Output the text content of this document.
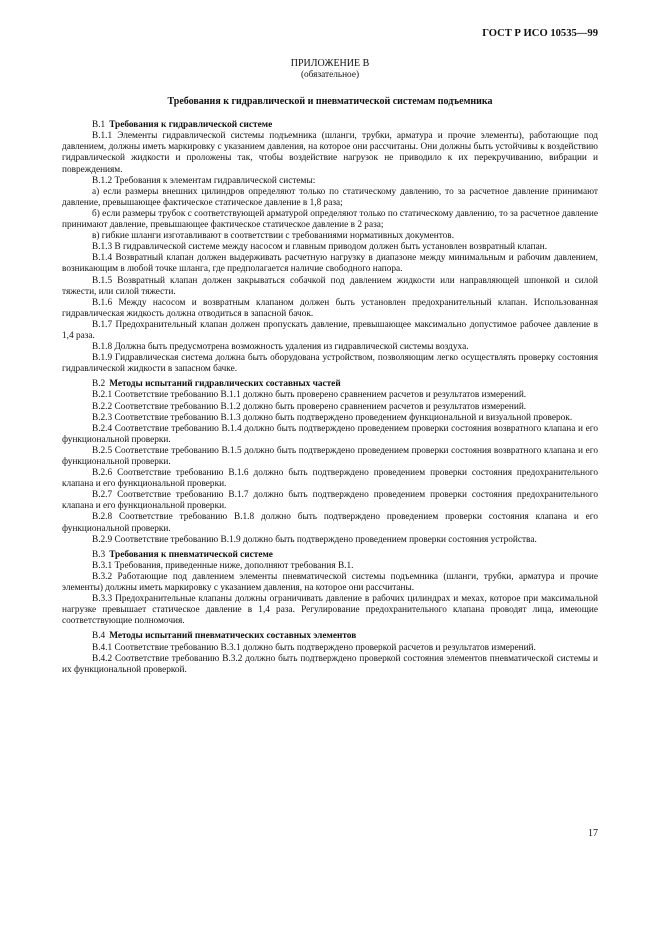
ГОСТ Р ИСО 10535—99
ПРИЛОЖЕНИЕ В
(обязательное)
Требования к гидравлической и пневматической системам подъемника
В.1 Требования к гидравлической системе

В.1.1 Элементы гидравлической системы подъемника (шланги, трубки, арматура и прочие элементы), работающие под давлением, должны иметь маркировку с указанием давления, на которое они рассчитаны. Они должны быть устойчивы к воздействию гидравлической жидкости и проложены так, чтобы воздействие нагрузок не приводило к их перекручиванию, вибрации и повреждениям.

В.1.2 Требования к элементам гидравлической системы:

а) если размеры внешних цилиндров определяют только по статическому давлению, то за расчетное давление принимают давление, превышающее фактическое статическое давление в 1,8 раза;

б) если размеры трубок с соответствующей арматурой определяют только по статическому давлению, то за расчетное давление принимают давление, превышающее фактическое статическое давление в 2 раза;

в) гибкие шланги изготавливают в соответствии с требованиями нормативных документов.

В.1.3 В гидравлической системе между насосом и главным приводом должен быть установлен возвратный клапан.

В.1.4 Возвратный клапан должен выдерживать расчетную нагрузку в диапазоне между минимальным и рабочим давлением, возникающим в любой точке шланга, где предполагается наличие свободного напора.

В.1.5 Возвратный клапан должен закрываться собачкой под давлением жидкости или направляющей шпонкой и силой тяжести, или силой тяжести.

В.1.6 Между насосом и возвратным клапаном должен быть установлен предохранительный клапан. Использованная гидравлическая жидкость должна отводиться в запасной бачок.

В.1.7 Предохранительный клапан должен пропускать давление, превышающее максимально допустимое рабочее давление в 1,4 раза.

В.1.8 Должна быть предусмотрена возможность удаления из гидравлической системы воздуха.

В.1.9 Гидравлическая система должна быть оборудована устройством, позволяющим легко осуществлять проверку состояния гидравлической жидкости в запасном бачке.

В.2 Методы испытаний гидравлических составных частей

В.2.1 Соответствие требованию В.1.1 должно быть проверено сравнением расчетов и результатов измерений.

В.2.2 Соответствие требованию В.1.2 должно быть проверено сравнением расчетов и результатов измерений.

В.2.3 Соответствие требованию В.1.3 должно быть подтверждено проведением функциональной и визуальной проверок.

В.2.4 Соответствие требованию В.1.4 должно быть подтверждено проведением проверки состояния возвратного клапана и его функциональной проверки.

В.2.5 Соответствие требованию В.1.5 должно быть подтверждено проведением проверки состояния возвратного клапана и его функциональной проверки.

В.2.6 Соответствие требованию В.1.6 должно быть подтверждено проведением проверки состояния предохранительного клапана и его функциональной проверки.

В.2.7 Соответствие требованию В.1.7 должно быть подтверждено проведением проверки состояния предохранительного клапана и его функциональной проверки.

В.2.8 Соответствие требованию В.1.8 должно быть подтверждено проведением проверки состояния клапана и его функциональной проверки.

В.2.9 Соответствие требованию В.1.9 должно быть подтверждено проведением проверки состояния устройства.

В.3 Требования к пневматической системе

В.3.1 Требования, приведенные ниже, дополняют требования В.1.

В.3.2 Работающие под давлением элементы пневматической системы подъемника (шланги, трубки, арматура и прочие элементы) должны иметь маркировку с указанием давления, на которое они рассчитаны.

В.3.3 Предохранительные клапаны должны ограничивать давление в рабочих цилиндрах и мехах, которое при максимальной нагрузке превышает статическое давление в 1,4 раза. Регулирование предохранительного клапана проводят лица, имеющие соответствующие полномочия.

В.4 Методы испытаний пневматических составных элементов

В.4.1 Соответствие требованию В.3.1 должно быть подтверждено проверкой расчетов и результатов измерений.

В.4.2 Соответствие требованию В.3.2 должно быть подтверждено проверкой состояния элементов пневматической системы и их функциональной проверкой.

17
